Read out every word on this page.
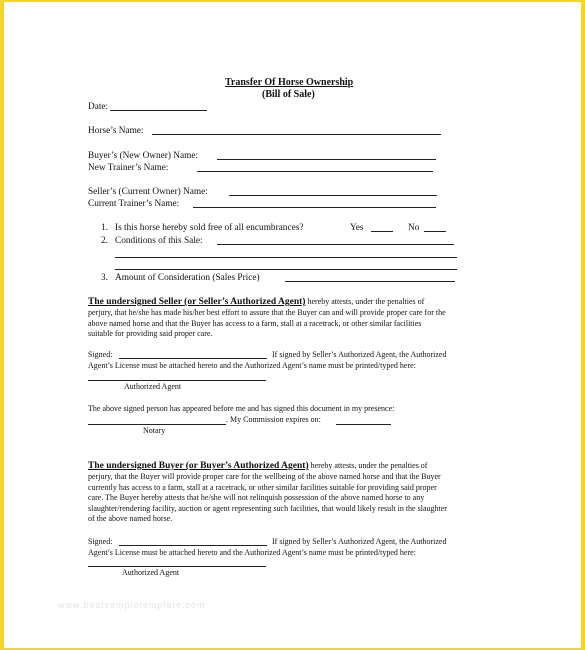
Transfer Of Horse Ownership
(Bill of Sale)
Date:
Horse’s Name:
Buyer’s (New Owner) Name:
New Trainer’s Name:
Seller’s (Current Owner) Name:
Current Trainer’s Name:
1. Is this horse hereby sold free of all encumbrances?	Yes	No
2. Conditions of this Sale:
3. Amount of Consideration (Sales Price)
The undersigned Seller (or Seller’s Authorized Agent) hereby attests, under the penalties of
perjury, that he/she has made his/her best effort to assure that the Buyer can and will provide proper care for the
above named horse and that the Buyer has access to a farm, stall at a racetrack, or other similar facilities
suitable for providing said proper care.
Signed:	If signed by Seller’s Authorized Agent, the Authorized
Agent’s License must be attached hereto and the Authorized Agent’s name must be printed/typed here:
Authorized Agent
The above signed person has appeared before me and has signed this document in my presence:
. My Commission expires on:
Notary
The undersigned Buyer (or Buyer’s Authorized Agent) hereby attests, under the penalties of
perjury, that the Buyer will provide proper care for the wellbeing of the above named horse and that the Buyer
currently has access to a farm, stall at a racetrack, or other similar facilities suitable for providing said proper
care. The Buyer hereby attests that he/she will not relinquish possession of the above named horse to any
slaughter/rendering facility, auction or agent representing such facilities, that would likely result in the slaughter
of the above named horse.
Signed:	If signed by Seller’s Authorized Agent, the Authorized
Agent’s License must be attached hereto and the Authorized Agent’s name must be printed/typed here:
Authorized Agent
www.bestsampletemplate.com
